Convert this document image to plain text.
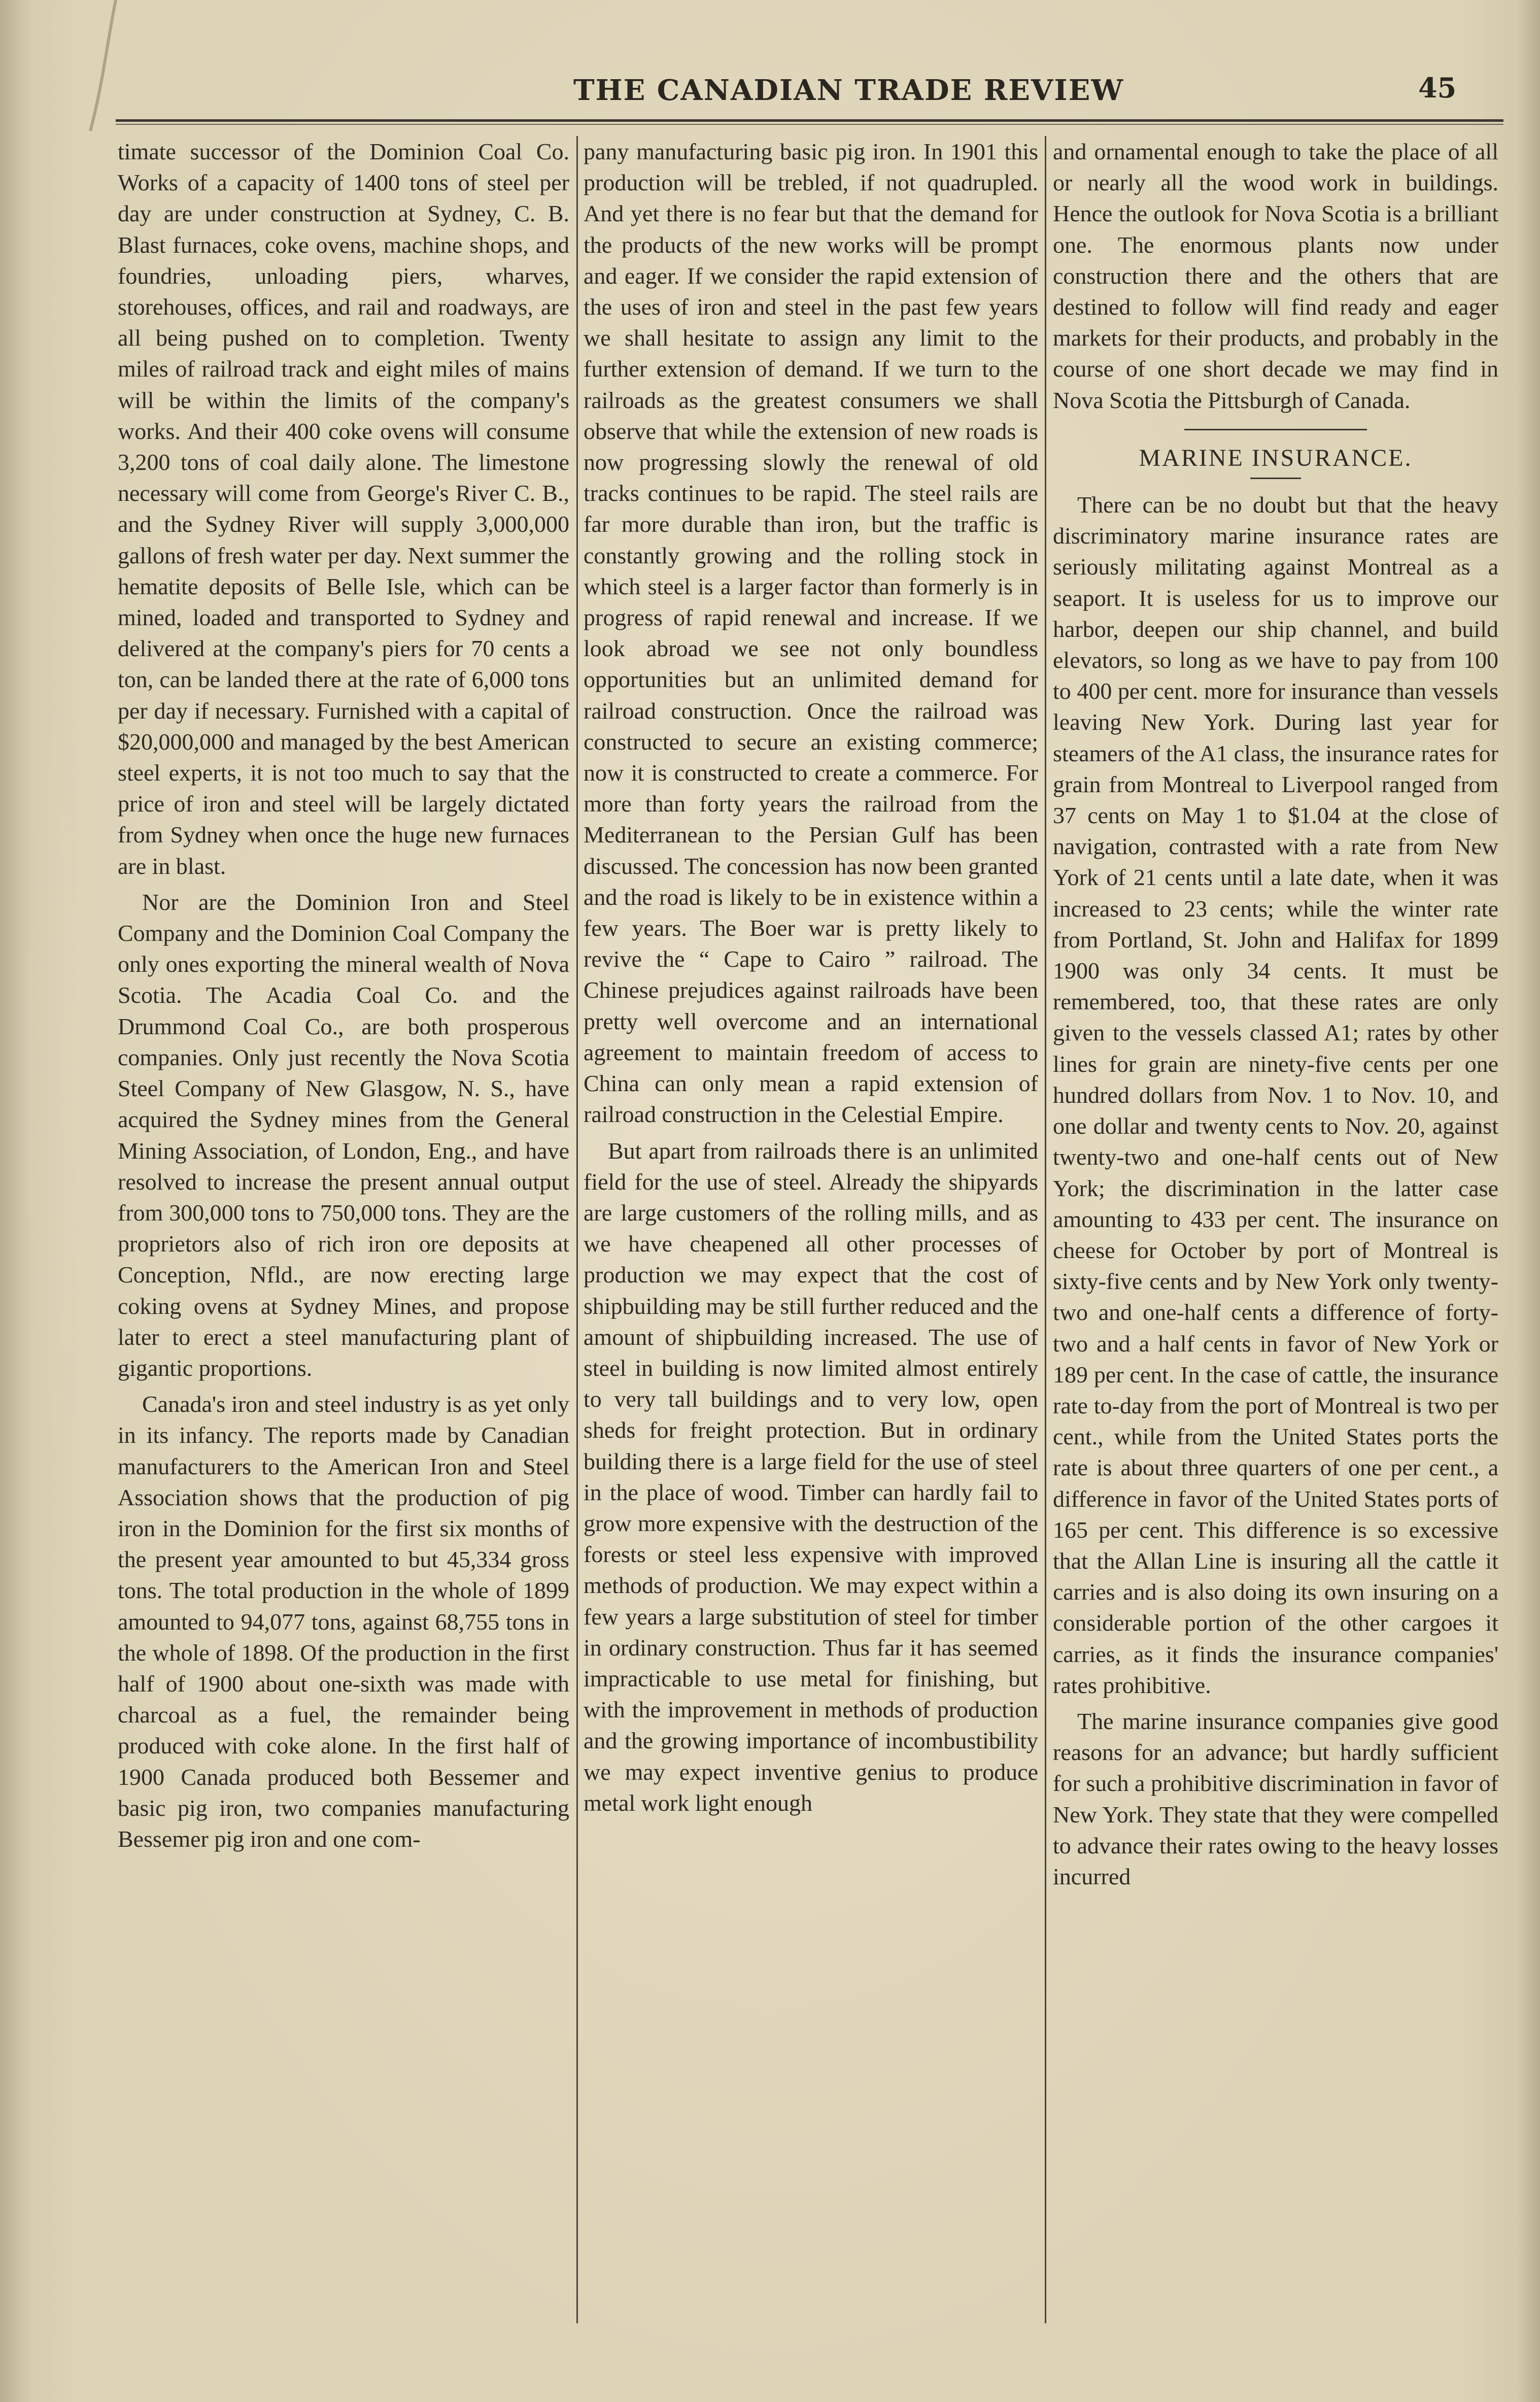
THE CANADIAN TRADE REVIEW	45

timate successor of the Dominion Coal Co. Works of a capacity of 1400 tons of steel per day are under construction at Sydney, C. B. Blast furnaces, coke ovens, machine shops, and foundries, unloading piers, wharves, storehouses, offices, and rail and roadways, are all being pushed on to completion. Twenty miles of railroad track and eight miles of mains will be within the limits of the company's works. And their 400 coke ovens will consume 3,200 tons of coal daily alone. The limestone necessary will come from George's River C. B., and the Sydney River will supply 3,000,000 gallons of fresh water per day. Next summer the hematite deposits of Belle Isle, which can be mined, loaded and transported to Sydney and delivered at the company's piers for 70 cents a ton, can be landed there at the rate of 6,000 tons per day if necessary. Furnished with a capital of $20,000,000 and managed by the best American steel experts, it is not too much to say that the price of iron and steel will be largely dictated from Sydney when once the huge new furnaces are in blast.

Nor are the Dominion Iron and Steel Company and the Dominion Coal Company the only ones exporting the mineral wealth of Nova Scotia. The Acadia Coal Co. and the Drummond Coal Co., are both prosperous companies. Only just recently the Nova Scotia Steel Company of New Glasgow, N. S., have acquired the Sydney mines from the General Mining Association, of London, Eng., and have resolved to increase the present annual output from 300,000 tons to 750,000 tons. They are the proprietors also of rich iron ore deposits at Conception, Nfld., are now erecting large coking ovens at Sydney Mines, and propose later to erect a steel manufacturing plant of gigantic proportions.

Canada's iron and steel industry is as yet only in its infancy. The reports made by Canadian manufacturers to the American Iron and Steel Association shows that the production of pig iron in the Dominion for the first six months of the present year amounted to but 45,334 gross tons. The total production in the whole of 1899 amounted to 94,077 tons, against 68,755 tons in the whole of 1898. Of the production in the first half of 1900 about one-sixth was made with charcoal as a fuel, the remainder being produced with coke alone. In the first half of 1900 Canada produced both Bessemer and basic pig iron, two companies manufacturing Bessemer pig iron and one com-

pany manufacturing basic pig iron. In 1901 this production will be trebled, if not quadrupled. And yet there is no fear but that the demand for the products of the new works will be prompt and eager. If we consider the rapid extension of the uses of iron and steel in the past few years we shall hesitate to assign any limit to the further extension of demand. If we turn to the railroads as the greatest consumers we shall observe that while the extension of new roads is now progressing slowly the renewal of old tracks continues to be rapid. The steel rails are far more durable than iron, but the traffic is constantly growing and the rolling stock in which steel is a larger factor than formerly is in progress of rapid renewal and increase. If we look abroad we see not only boundless opportunities but an unlimited demand for railroad construction. Once the railroad was constructed to secure an existing commerce; now it is constructed to create a commerce. For more than forty years the railroad from the Mediterranean to the Persian Gulf has been discussed. The concession has now been granted and the road is likely to be in existence within a few years. The Boer war is pretty likely to revive the “ Cape to Cairo ” railroad. The Chinese prejudices against railroads have been pretty well overcome and an international agreement to maintain freedom of access to China can only mean a rapid extension of railroad construction in the Celestial Empire.

But apart from railroads there is an unlimited field for the use of steel. Already the shipyards are large customers of the rolling mills, and as we have cheapened all other processes of production we may expect that the cost of shipbuilding may be still further reduced and the amount of shipbuilding increased. The use of steel in building is now limited almost entirely to very tall buildings and to very low, open sheds for freight protection. But in ordinary building there is a large field for the use of steel in the place of wood. Timber can hardly fail to grow more expensive with the destruction of the forests or steel less expensive with improved methods of production. We may expect within a few years a large substitution of steel for timber in ordinary construction. Thus far it has seemed impracticable to use metal for finishing, but with the improvement in methods of production and the growing importance of incombustibility we may expect inventive genius to produce metal work light enough

and ornamental enough to take the place of all or nearly all the wood work in buildings. Hence the outlook for Nova Scotia is a brilliant one. The enormous plants now under construction there and the others that are destined to follow will find ready and eager markets for their products, and probably in the course of one short decade we may find in Nova Scotia the Pittsburgh of Canada.

MARINE INSURANCE.

There can be no doubt but that the heavy discriminatory marine insurance rates are seriously militating against Montreal as a seaport. It is useless for us to improve our harbor, deepen our ship channel, and build elevators, so long as we have to pay from 100 to 400 per cent. more for insurance than vessels leaving New York. During last year for steamers of the A1 class, the insurance rates for grain from Montreal to Liverpool ranged from 37 cents on May 1 to $1.04 at the close of navigation, contrasted with a rate from New York of 21 cents until a late date, when it was increased to 23 cents; while the winter rate from Portland, St. John and Halifax for 1899 1900 was only 34 cents. It must be remembered, too, that these rates are only given to the vessels classed A1; rates by other lines for grain are ninety-five cents per one hundred dollars from Nov. 1 to Nov. 10, and one dollar and twenty cents to Nov. 20, against twenty-two and one-half cents out of New York; the discrimination in the latter case amounting to 433 per cent. The insurance on cheese for October by port of Montreal is sixty-five cents and by New York only twenty-two and one-half cents a difference of forty-two and a half cents in favor of New York or 189 per cent. In the case of cattle, the insurance rate to-day from the port of Montreal is two per cent., while from the United States ports the rate is about three quarters of one per cent., a difference in favor of the United States ports of 165 per cent. This difference is so excessive that the Allan Line is insuring all the cattle it carries and is also doing its own insuring on a considerable portion of the other cargoes it carries, as it finds the insurance companies' rates prohibitive.

The marine insurance companies give good reasons for an advance; but hardly sufficient for such a prohibitive discrimination in favor of New York. They state that they were compelled to advance their rates owing to the heavy losses incurred
